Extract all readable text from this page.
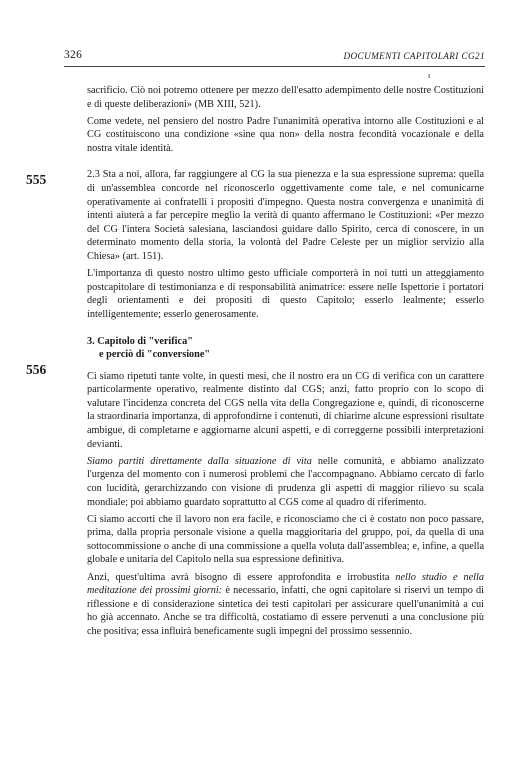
326	DOCUMENTI CAPITOLARI CG21
ı
555
556

sacrificio. Ciò noi potremo ottenere per mezzo dell'esatto adempimento delle nostre Costituzioni e di queste deliberazioni» (MB XIII, 521).

Come vedete, nel pensiero del nostro Padre l'unanimità operativa intorno alle Costituzioni e al CG costituiscono una condizione «sine qua non» della nostra fecondità vocazionale e della nostra vitale identità.

2.3 Sta a noi, allora, far raggiungere al CG la sua pienezza e la sua espressione suprema: quella di un'assemblea concorde nel riconoscerlo oggettivamente come tale, e nel comunicarne operativamente ai confratelli i propositi d'impegno. Questa nostra convergenza e unanimità di intenti aiuterà a far percepire meglio la verità di quanto affermano le Costituzioni: «Per mezzo del CG l'intera Società salesiana, lasciandosi guidare dallo Spirito, cerca di conoscere, in un determinato momento della storia, la volontà del Padre Celeste per un miglior servizio alla Chiesa» (art. 151).

L'importanza di questo nostro ultimo gesto ufficiale comporterà in noi tutti un atteggiamento postcapitolare di testimonianza e di responsabilità animatrice: essere nelle Ispettorie i portatori degli orientamenti e dei propositi di questo Capitolo; esserlo lealmente; esserlo intelligentemente; esserlo generosamente.

3. Capitolo di "verifica"
e perciò di "conversione"

Ci siamo ripetuti tante volte, in questi mesi, che il nostro era un CG di verifica con un carattere particolarmente operativo, realmente distinto dal CGS; anzi, fatto proprio con lo scopo di valutare l'incidenza concreta del CGS nella vita della Congregazione e, quindi, di riconoscerne la straordinaria importanza, di approfondirne i contenuti, di chiarirne alcune espressioni risultate ambigue, di completarne e aggiornarne alcuni aspetti, e di correggerne possibili interpretazioni devianti.

Siamo partiti direttamente dalla situazione di vita nelle comunità, e abbiamo analizzato l'urgenza del momento con i numerosi problemi che l'accompagnano. Abbiamo cercato di farlo con lucidità, gerarchizzando con visione di prudenza gli aspetti di maggior rilievo su scala mondiale; poi abbiamo guardato soprattutto al CGS come al quadro di riferimento.

Ci siamo accorti che il lavoro non era facile, e riconosciamo che ci è costato non poco passare, prima, dalla propria personale visione a quella maggioritaria del gruppo, poi, da quella di una sottocommissione o anche di una commissione a quella voluta dall'assemblea; e, infine, a quella globale e unitaria del Capitolo nella sua espressione definitiva.

Anzi, quest'ultima avrà bisogno di essere approfondita e irrobustita nello studio e nella meditazione dei prossimi giorni: è necessario, infatti, che ogni capitolare si riservi un tempo di riflessione e di considerazione sintetica dei testi capitolari per assicurare quell'unanimità a cui ho già accennato. Anche se tra difficoltà, costatiamo di essere pervenuti a una conclusione più che positiva; essa influirà beneficamente sugli impegni del prossimo sessennio.
